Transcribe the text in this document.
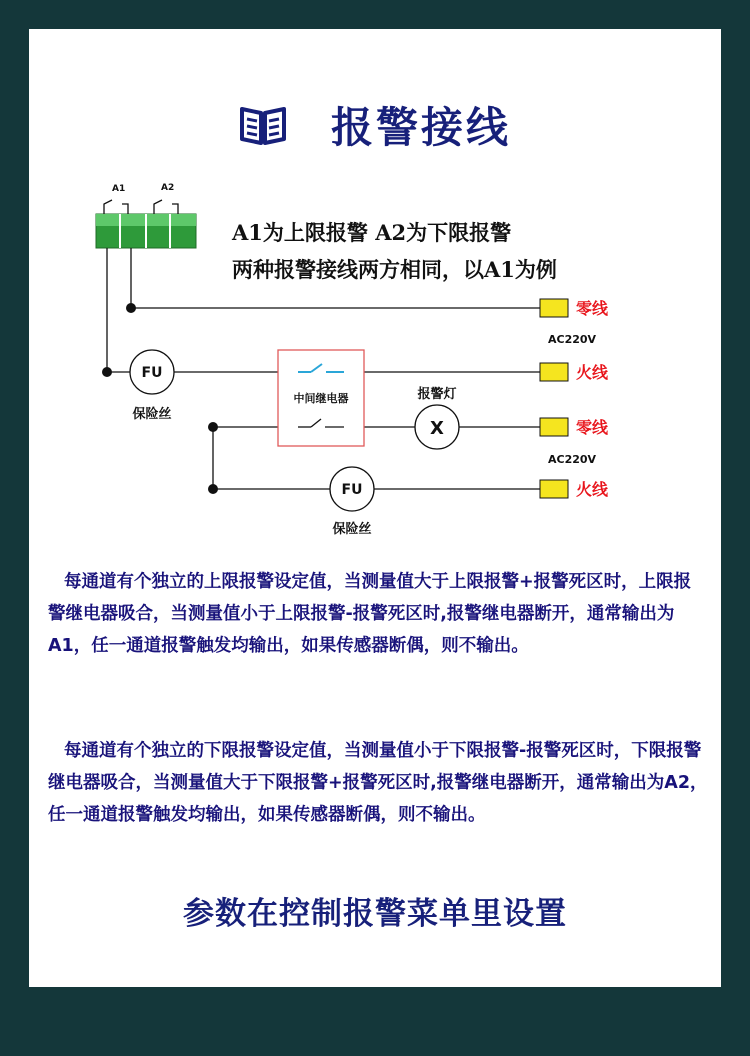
报警接线
A1	A2
FU
保险丝
FU
保险丝
中间继电器	报警灯
X
零线
AC220V
火线
零线
AC220V
火线
A1为上限报警 A2为下限报警
两种报警接线两方相同，以A1为例
每通道有个独立的上限报警设定值，当测量值大于上限报警+报警死区时，上限报警继电器吸合，当测量值小于上限报警-报警死区时,报警继电器断开，通常输出为A1，任一通道报警触发均输出，如果传感器断偶，则不输出。
每通道有个独立的下限报警设定值，当测量值小于下限报警-报警死区时，下限报警继电器吸合，当测量值大于下限报警+报警死区时,报警继电器断开，通常输出为A2，任一通道报警触发均输出，如果传感器断偶，则不输出。
参数在控制报警菜单里设置
